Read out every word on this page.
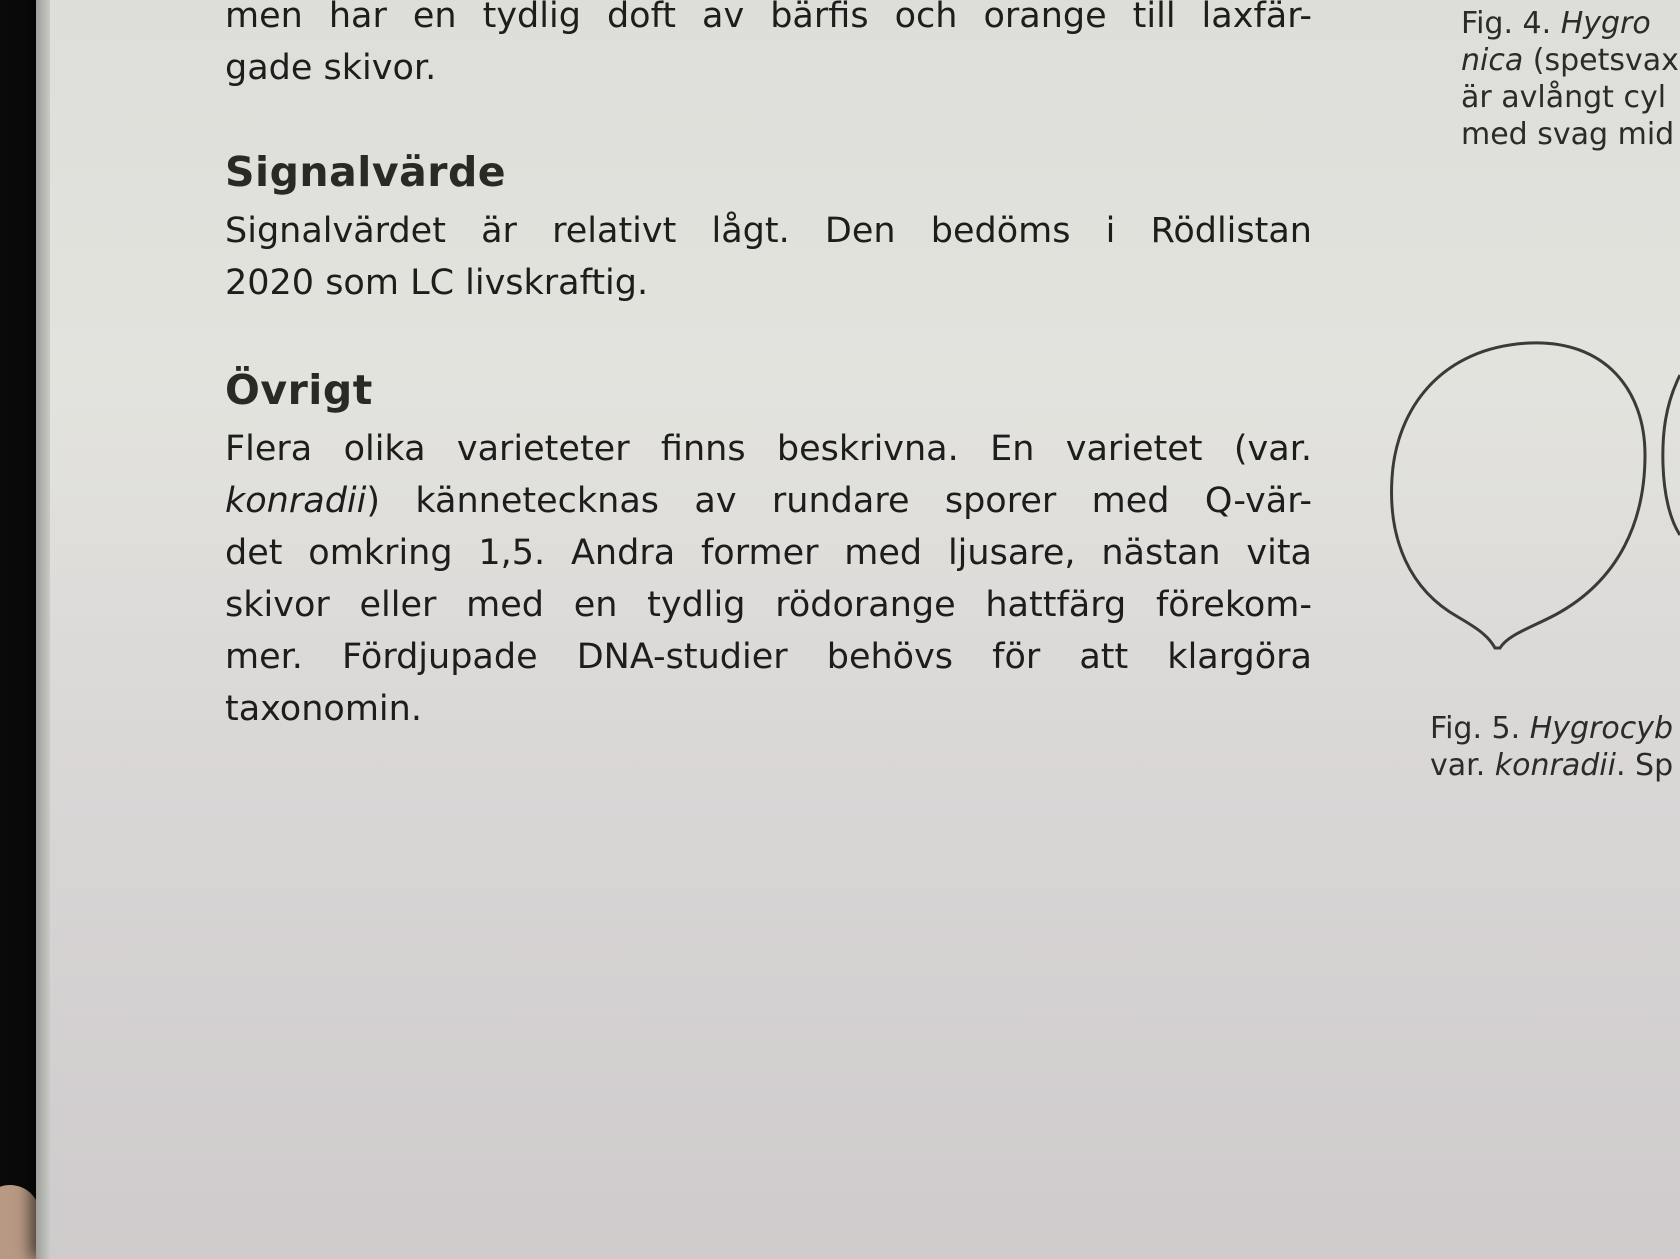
men har en tydlig doft av bärfis och orange till laxfär-
gade skivor.
Signalvärde
Signalvärdet är relativt lågt. Den bedöms i Rödlistan
2020 som LC livskraftig.
Övrigt
Flera olika varieteter finns beskrivna. En varietet (var.
konradii) kännetecknas av rundare sporer med Q-vär-
det omkring 1,5. Andra former med ljusare, nästan vita
skivor eller med en tydlig rödorange hattfärg förekom-
mer. Fördjupade DNA-studier behövs för att klargöra
taxonomin.
Fig. 4. Hygro
nica (spetsvax
är avlångt cyl
med svag mid
Fig. 5. Hygrocyb
var. konradii. Sp
